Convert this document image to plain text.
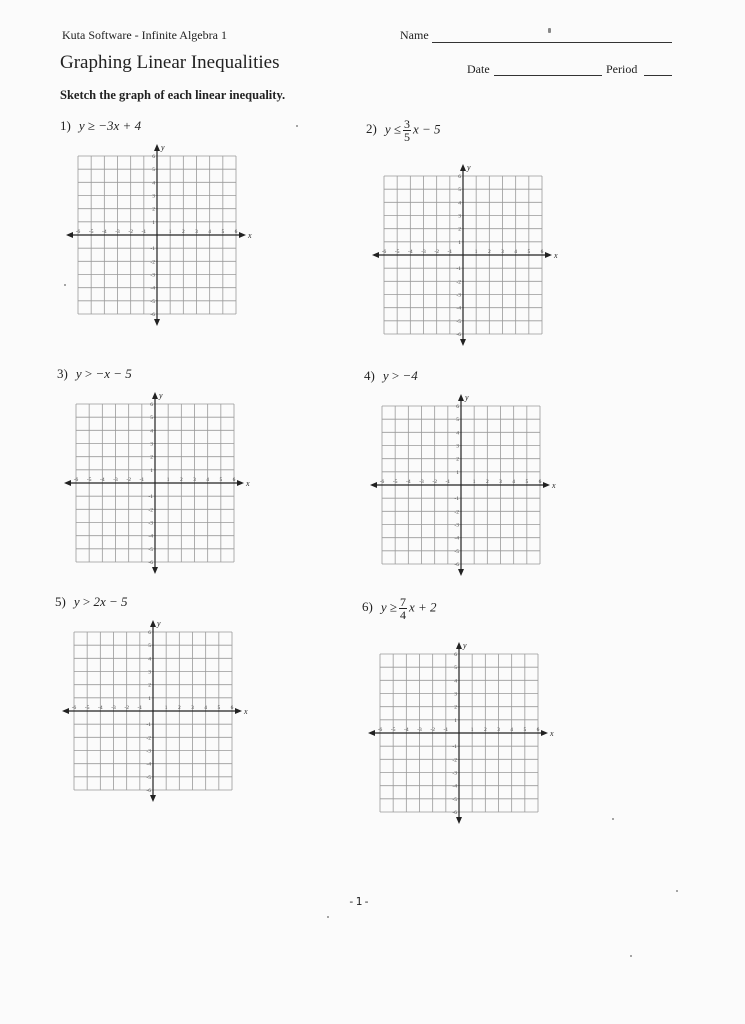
Kuta Software - Infinite Algebra 1
Graphing Linear Inequalities
Name
Date	Period
Sketch the graph of each linear inequality.
1) y ≥ −3x + 4	2) $y \le \frac{3}{5}$ x − 5
3) y > −x − 5	4) y > −4
5) y > 2x − 5	6) $y \ge \frac{7}{4}$ x + 2
x
y
-6 -5 -4 -3 -2 -1	1 2 3 4 5 6
6
5
4
3
2
1
-1
-2
-3
-4
-5
-6
x
y
-6 -5 -4 -3 -2 -1	1 2 3 4 5 6
6
5
4
3
2
1
-1
-2
-3
-4
-5
-6
x
y
-6 -5 -4 -3 -2 -1	1 2 3 4 5 6
6
5
4
3
2
1
-1
-2
-3
-4
-5
-6
x
y
-6 -5 -4 -3 -2 -1	1 2 3 4 5 6
6
5
4
3
2
1
-1
-2
-3
-4
-5
-6
x
y
-6 -5 -4 -3 -2 -1	1 2 3 4 5 6
6
5
4
3
2
1
-1
-2
-3
-4
-5
-6
x
y
-6 -5 -4 -3 -2 -1	1 2 3 4 5 6
6
5
4
3
2
1
-1
-2
-3
-4
-5
-6
-1-
